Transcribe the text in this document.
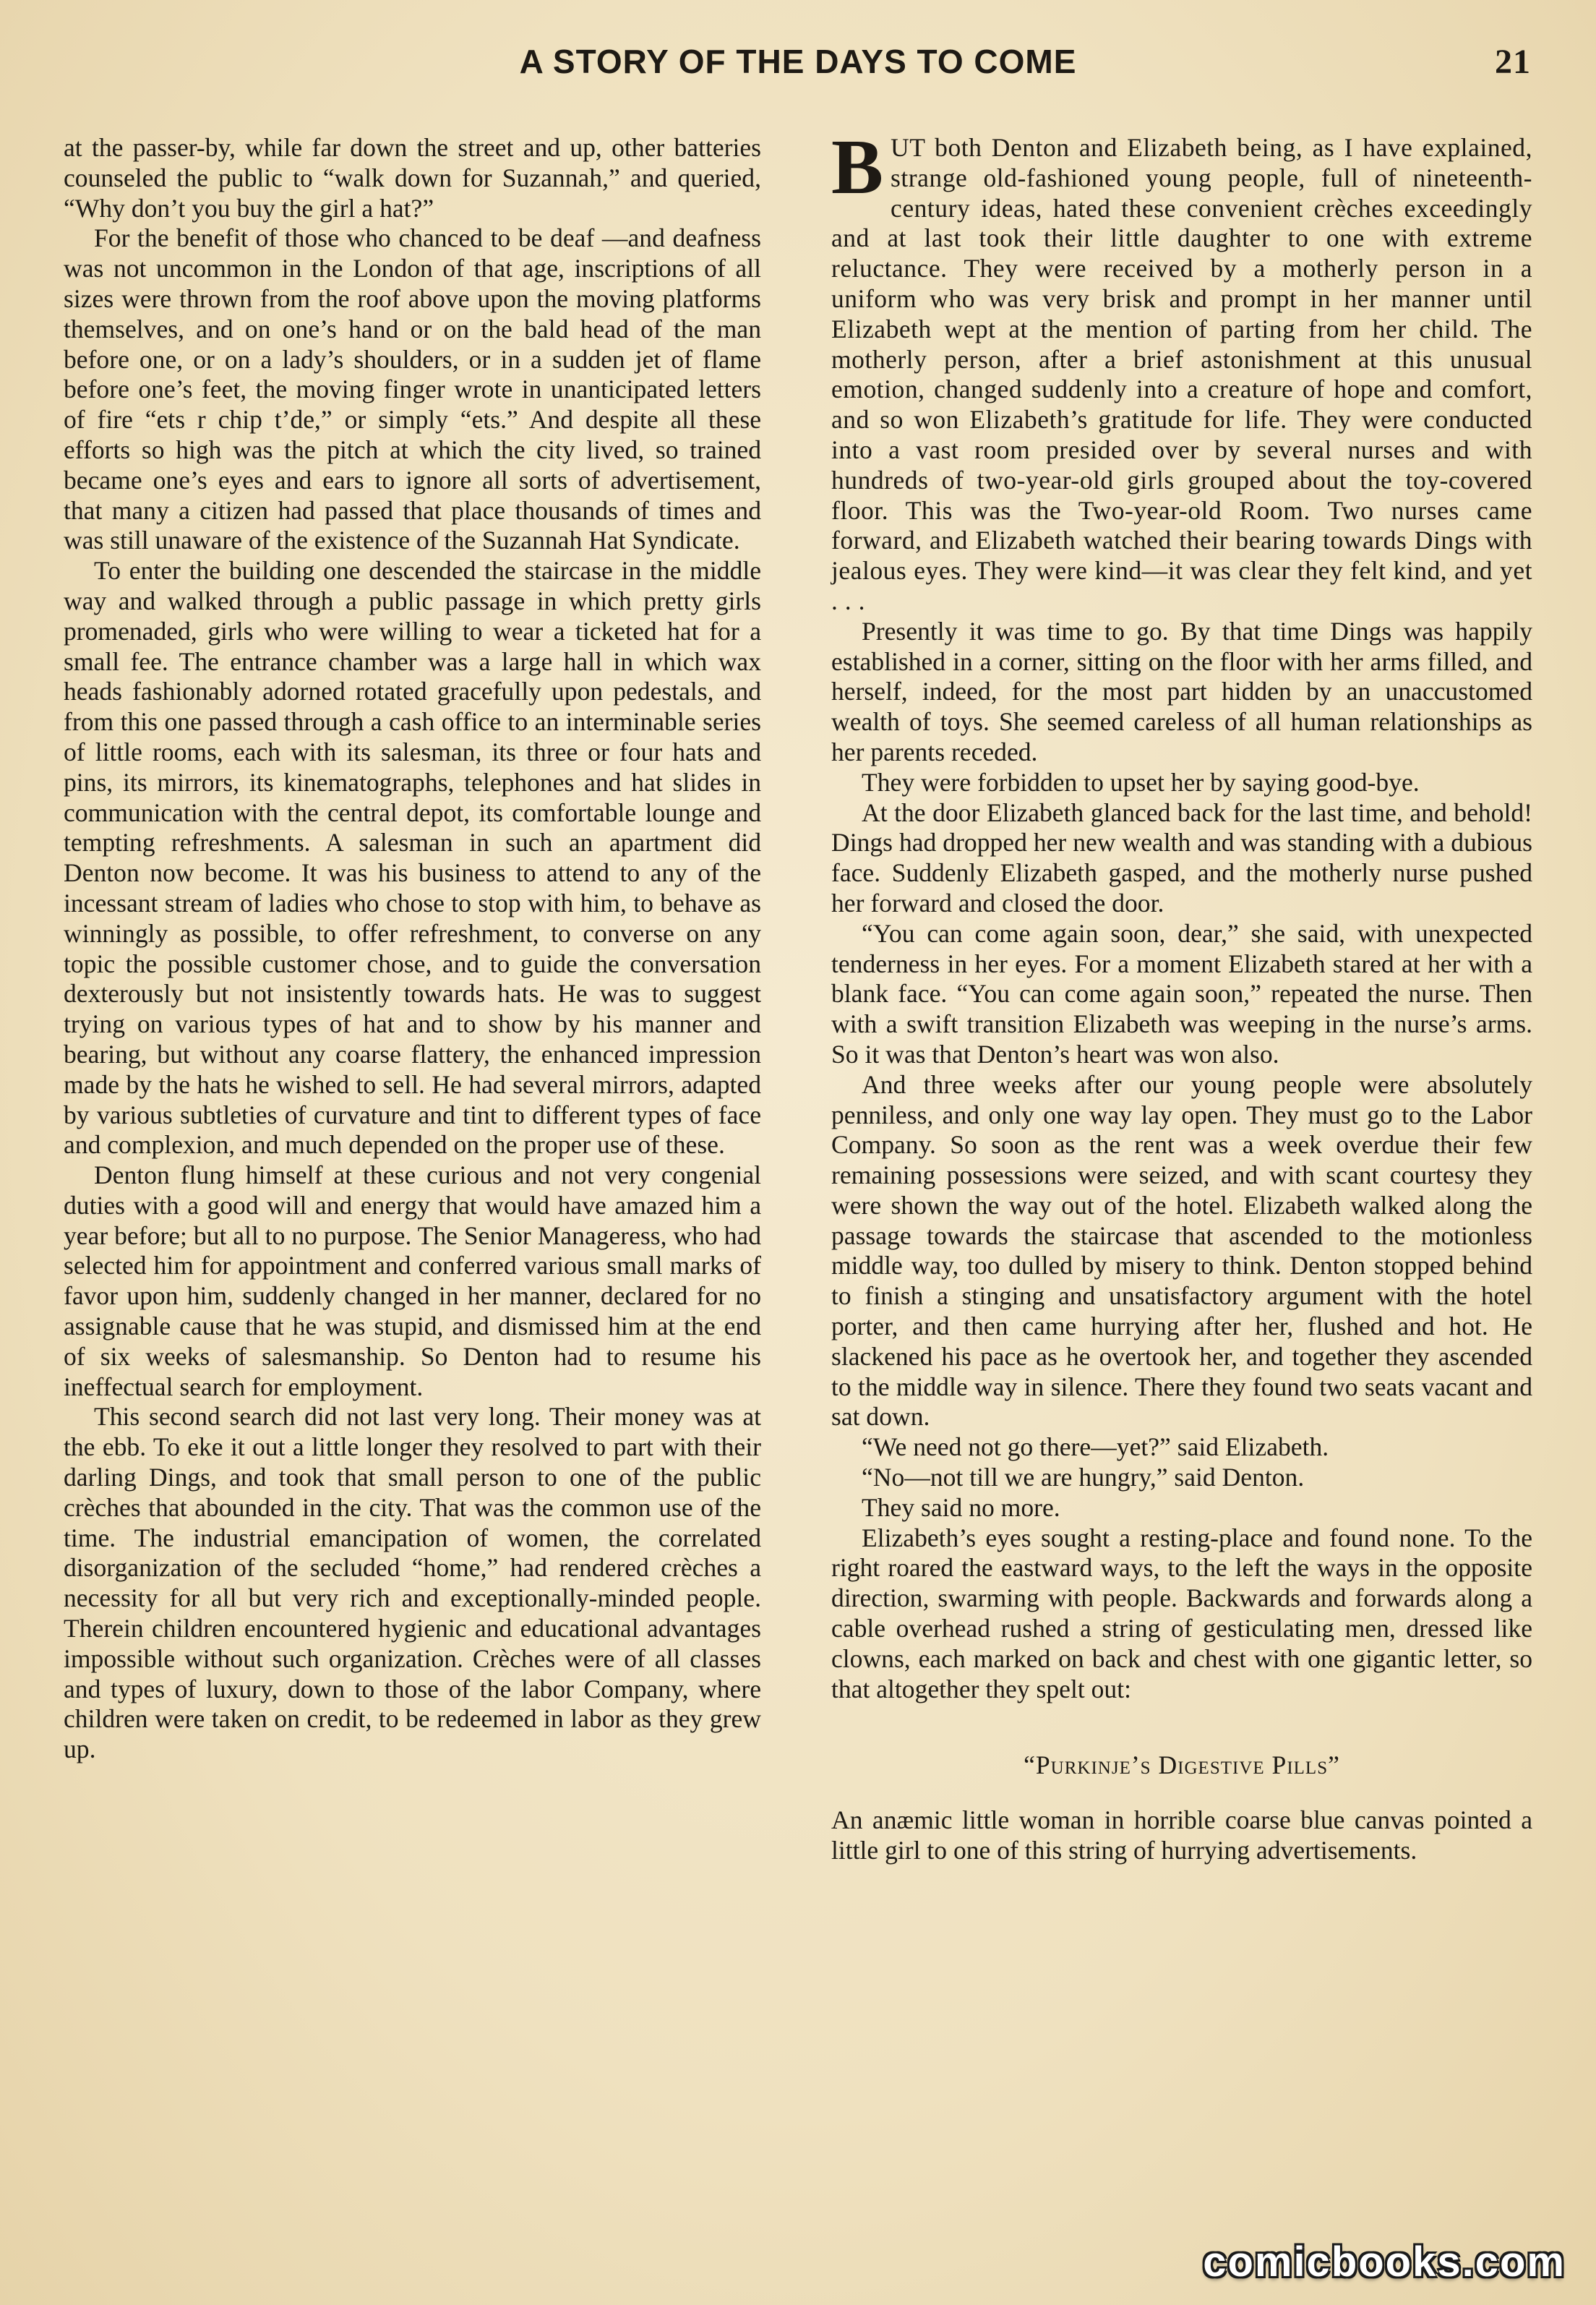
A STORY OF THE DAYS TO COME	21

at the passer-by, while far down the street and up, other batteries counseled the public to “walk down for Suzannah,” and queried, “Why don’t you buy the girl a hat?”

For the benefit of those who chanced to be deaf —and deafness was not uncommon in the London of that age, inscriptions of all sizes were thrown from the roof above upon the moving platforms themselves, and on one’s hand or on the bald head of the man before one, or on a lady’s shoulders, or in a sudden jet of flame before one’s feet, the moving finger wrote in unanticipated letters of fire “ets r chip t’de,” or simply “ets.” And despite all these efforts so high was the pitch at which the city lived, so trained became one’s eyes and ears to ignore all sorts of advertisement, that many a citizen had passed that place thousands of times and was still unaware of the existence of the Suzannah Hat Syndicate.

To enter the building one descended the staircase in the middle way and walked through a public passage in which pretty girls promenaded, girls who were willing to wear a ticketed hat for a small fee. The entrance chamber was a large hall in which wax heads fashionably adorned rotated gracefully upon pedestals, and from this one passed through a cash office to an interminable series of little rooms, each with its salesman, its three or four hats and pins, its mirrors, its kinematographs, telephones and hat slides in communication with the central depot, its comfortable lounge and tempting refreshments. A salesman in such an apartment did Denton now become. It was his business to attend to any of the incessant stream of ladies who chose to stop with him, to behave as winningly as possible, to offer refreshment, to converse on any topic the possible customer chose, and to guide the conversation dexterously but not insistently towards hats. He was to suggest trying on various types of hat and to show by his manner and bearing, but without any coarse flattery, the enhanced impression made by the hats he wished to sell. He had several mirrors, adapted by various subtleties of curvature and tint to different types of face and complexion, and much depended on the proper use of these.

Denton flung himself at these curious and not very congenial duties with a good will and energy that would have amazed him a year before; but all to no purpose. The Senior Manageress, who had selected him for appointment and conferred various small marks of favor upon him, suddenly changed in her manner, declared for no assignable cause that he was stupid, and dismissed him at the end of six weeks of salesmanship. So Denton had to resume his ineffectual search for employment.

This second search did not last very long. Their money was at the ebb. To eke it out a little longer they resolved to part with their darling Dings, and took that small person to one of the public crèches that abounded in the city. That was the common use of the time. The industrial emancipation of women, the correlated disorganization of the secluded “home,” had rendered crèches a necessity for all but very rich and exceptionally-minded people. Therein children encountered hygienic and educational advantages impossible without such organization. Crèches were of all classes and types of luxury, down to those of the labor Company, where children were taken on credit, to be redeemed in labor as they grew up.

BUT both Denton and Elizabeth being, as I have explained, strange old-fashioned young people, full of nineteenth-century ideas, hated these convenient crèches exceedingly and at last took their little daughter to one with extreme reluctance. They were received by a motherly person in a uniform who was very brisk and prompt in her manner until Elizabeth wept at the mention of parting from her child. The motherly person, after a brief astonishment at this unusual emotion, changed suddenly into a creature of hope and comfort, and so won Elizabeth’s gratitude for life. They were conducted into a vast room presided over by several nurses and with hundreds of two-year-old girls grouped about the toy-covered floor. This was the Two-year-old Room. Two nurses came forward, and Elizabeth watched their bearing towards Dings with jealous eyes. They were kind—it was clear they felt kind, and yet . . .

Presently it was time to go. By that time Dings was happily established in a corner, sitting on the floor with her arms filled, and herself, indeed, for the most part hidden by an unaccustomed wealth of toys. She seemed careless of all human relationships as her parents receded.

They were forbidden to upset her by saying good-bye.

At the door Elizabeth glanced back for the last time, and behold! Dings had dropped her new wealth and was standing with a dubious face. Suddenly Elizabeth gasped, and the motherly nurse pushed her forward and closed the door.

“You can come again soon, dear,” she said, with unexpected tenderness in her eyes. For a moment Elizabeth stared at her with a blank face. “You can come again soon,” repeated the nurse. Then with a swift transition Elizabeth was weeping in the nurse’s arms. So it was that Denton’s heart was won also.

And three weeks after our young people were absolutely penniless, and only one way lay open. They must go to the Labor Company. So soon as the rent was a week overdue their few remaining possessions were seized, and with scant courtesy they were shown the way out of the hotel. Elizabeth walked along the passage towards the staircase that ascended to the motionless middle way, too dulled by misery to think. Denton stopped behind to finish a stinging and unsatisfactory argument with the hotel porter, and then came hurrying after her, flushed and hot. He slackened his pace as he overtook her, and together they ascended to the middle way in silence. There they found two seats vacant and sat down.

“We need not go there—yet?” said Elizabeth.

“No—not till we are hungry,” said Denton.

They said no more.

Elizabeth’s eyes sought a resting-place and found none. To the right roared the eastward ways, to the left the ways in the opposite direction, swarming with people. Backwards and forwards along a cable overhead rushed a string of gesticulating men, dressed like clowns, each marked on back and chest with one gigantic letter, so that altogether they spelt out:

“Purkinje’s Digestive Pills”

An anæmic little woman in horrible coarse blue canvas pointed a little girl to one of this string of hurrying advertisements.

comicbooks.com
